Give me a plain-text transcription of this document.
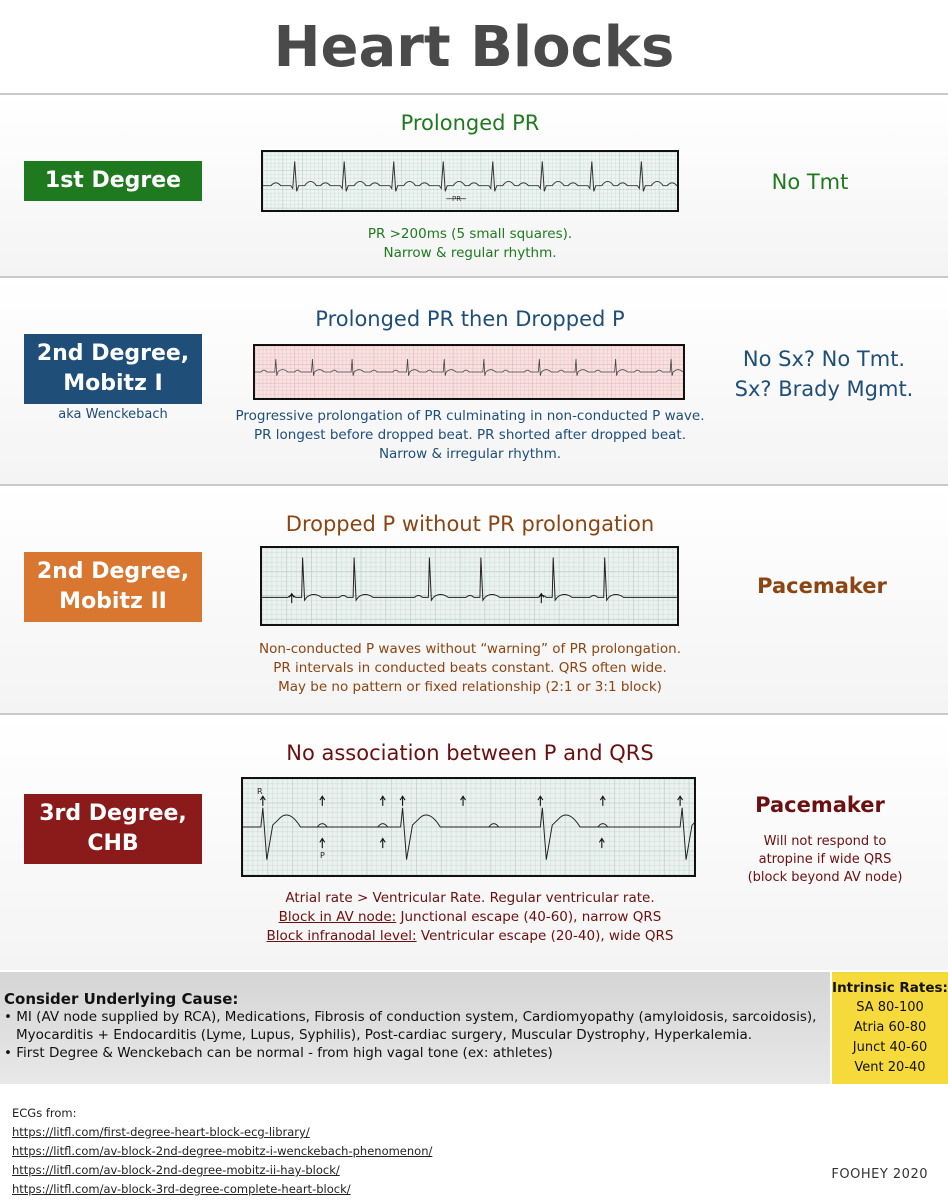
Heart Blocks
Prolonged PR
1st Degree
PR
PR >200ms (5 small squares).
Narrow & regular rhythm.
No Tmt
Prolonged PR then Dropped P
2nd Degree,
Mobitz I
aka Wenckebach	Progressive prolongation of PR culminating in non-conducted P wave.
PR longest before dropped beat. PR shorted after dropped beat.
Narrow & irregular rhythm.
No Sx? No Tmt.
Sx? Brady Mgmt.
Dropped P without PR prolongation
2nd Degree,
Mobitz II
Non-conducted P waves without “warning” of PR prolongation.
PR intervals in conducted beats constant. QRS often wide.
May be no pattern or fixed relationship (2:1 or 3:1 block)
Pacemaker
No association between P and QRS
3rd Degree,
CHB
R
P
Atrial rate > Ventricular Rate. Regular ventricular rate.
Block in AV node: Junctional escape (40-60), narrow QRS
Block infranodal level: Ventricular escape (20-40), wide QRS
Pacemaker
Will not respond to
atropine if wide QRS
(block beyond AV node)
Consider Underlying Cause:
• MI (AV node supplied by RCA), Medications, Fibrosis of conduction system, Cardiomyopathy (amyloidosis, sarcoidosis),
Myocarditis + Endocarditis (Lyme, Lupus, Syphilis), Post-cardiac surgery, Muscular Dystrophy, Hyperkalemia.
• First Degree & Wenckebach can be normal - from high vagal tone (ex: athletes)
Intrinsic Rates:
SA 80-100
Atria 60-80
Junct 40-60
Vent 20-40
ECGs from:
https://litfl.com/first-degree-heart-block-ecg-library/
https://litfl.com/av-block-2nd-degree-mobitz-i-wenckebach-phenomenon/
https://litfl.com/av-block-2nd-degree-mobitz-ii-hay-block/
https://litfl.com/av-block-3rd-degree-complete-heart-block/
FOOHEY 2020
